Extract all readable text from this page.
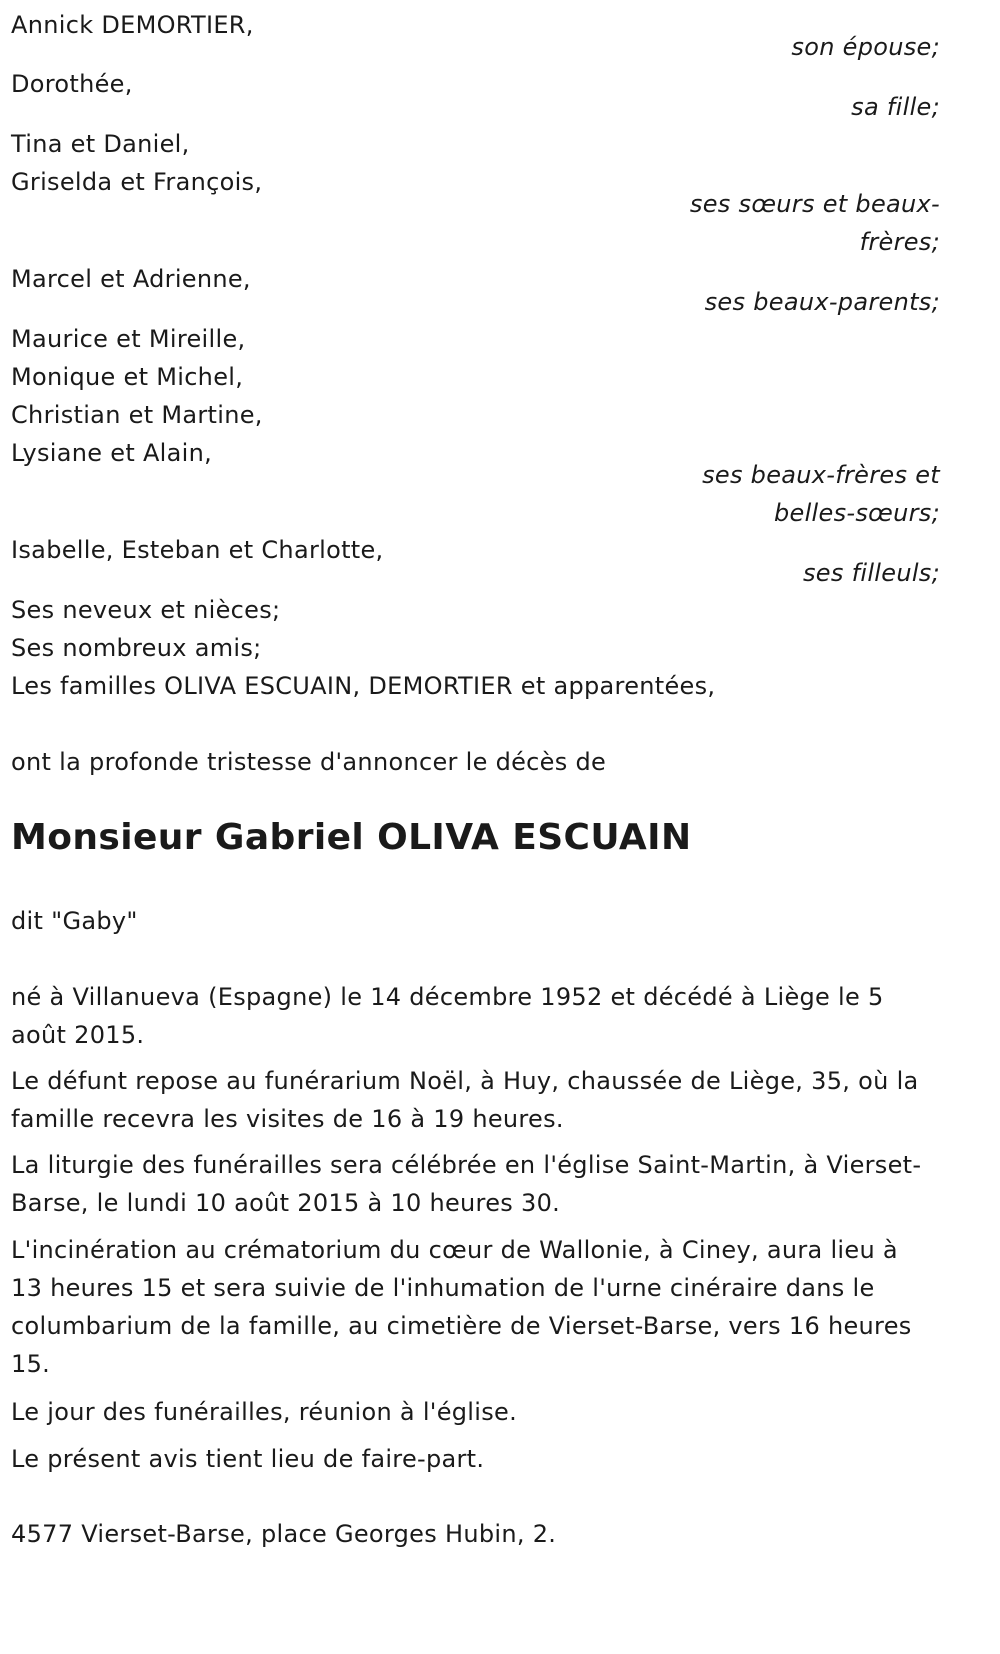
Annick DEMORTIER,
son épouse;
Dorothée,
sa fille;
Tina et Daniel,
Griselda et François,
ses sœurs et beaux-
frères;
Marcel et Adrienne,
ses beaux-parents;
Maurice et Mireille,
Monique et Michel,
Christian et Martine,
Lysiane et Alain,
ses beaux-frères et
belles-sœurs;
Isabelle, Esteban et Charlotte,
ses filleuls;
Ses neveux et nièces;
Ses nombreux amis;
Les familles OLIVA ESCUAIN, DEMORTIER et apparentées,
ont la profonde tristesse d'annoncer le décès de
Monsieur Gabriel OLIVA ESCUAIN
dit "Gaby"
né à Villanueva (Espagne) le 14 décembre 1952 et décédé à Liège le 5
août 2015.
Le défunt repose au funérarium Noël, à Huy, chaussée de Liège, 35, où la
famille recevra les visites de 16 à 19 heures.
La liturgie des funérailles sera célébrée en l'église Saint-Martin, à Vierset-
Barse, le lundi 10 août 2015 à 10 heures 30.
L'incinération au crématorium du cœur de Wallonie, à Ciney, aura lieu à
13 heures 15 et sera suivie de l'inhumation de l'urne cinéraire dans le
columbarium de la famille, au cimetière de Vierset-Barse, vers 16 heures
15.
Le jour des funérailles, réunion à l'église.
Le présent avis tient lieu de faire-part.
4577 Vierset-Barse, place Georges Hubin, 2.
